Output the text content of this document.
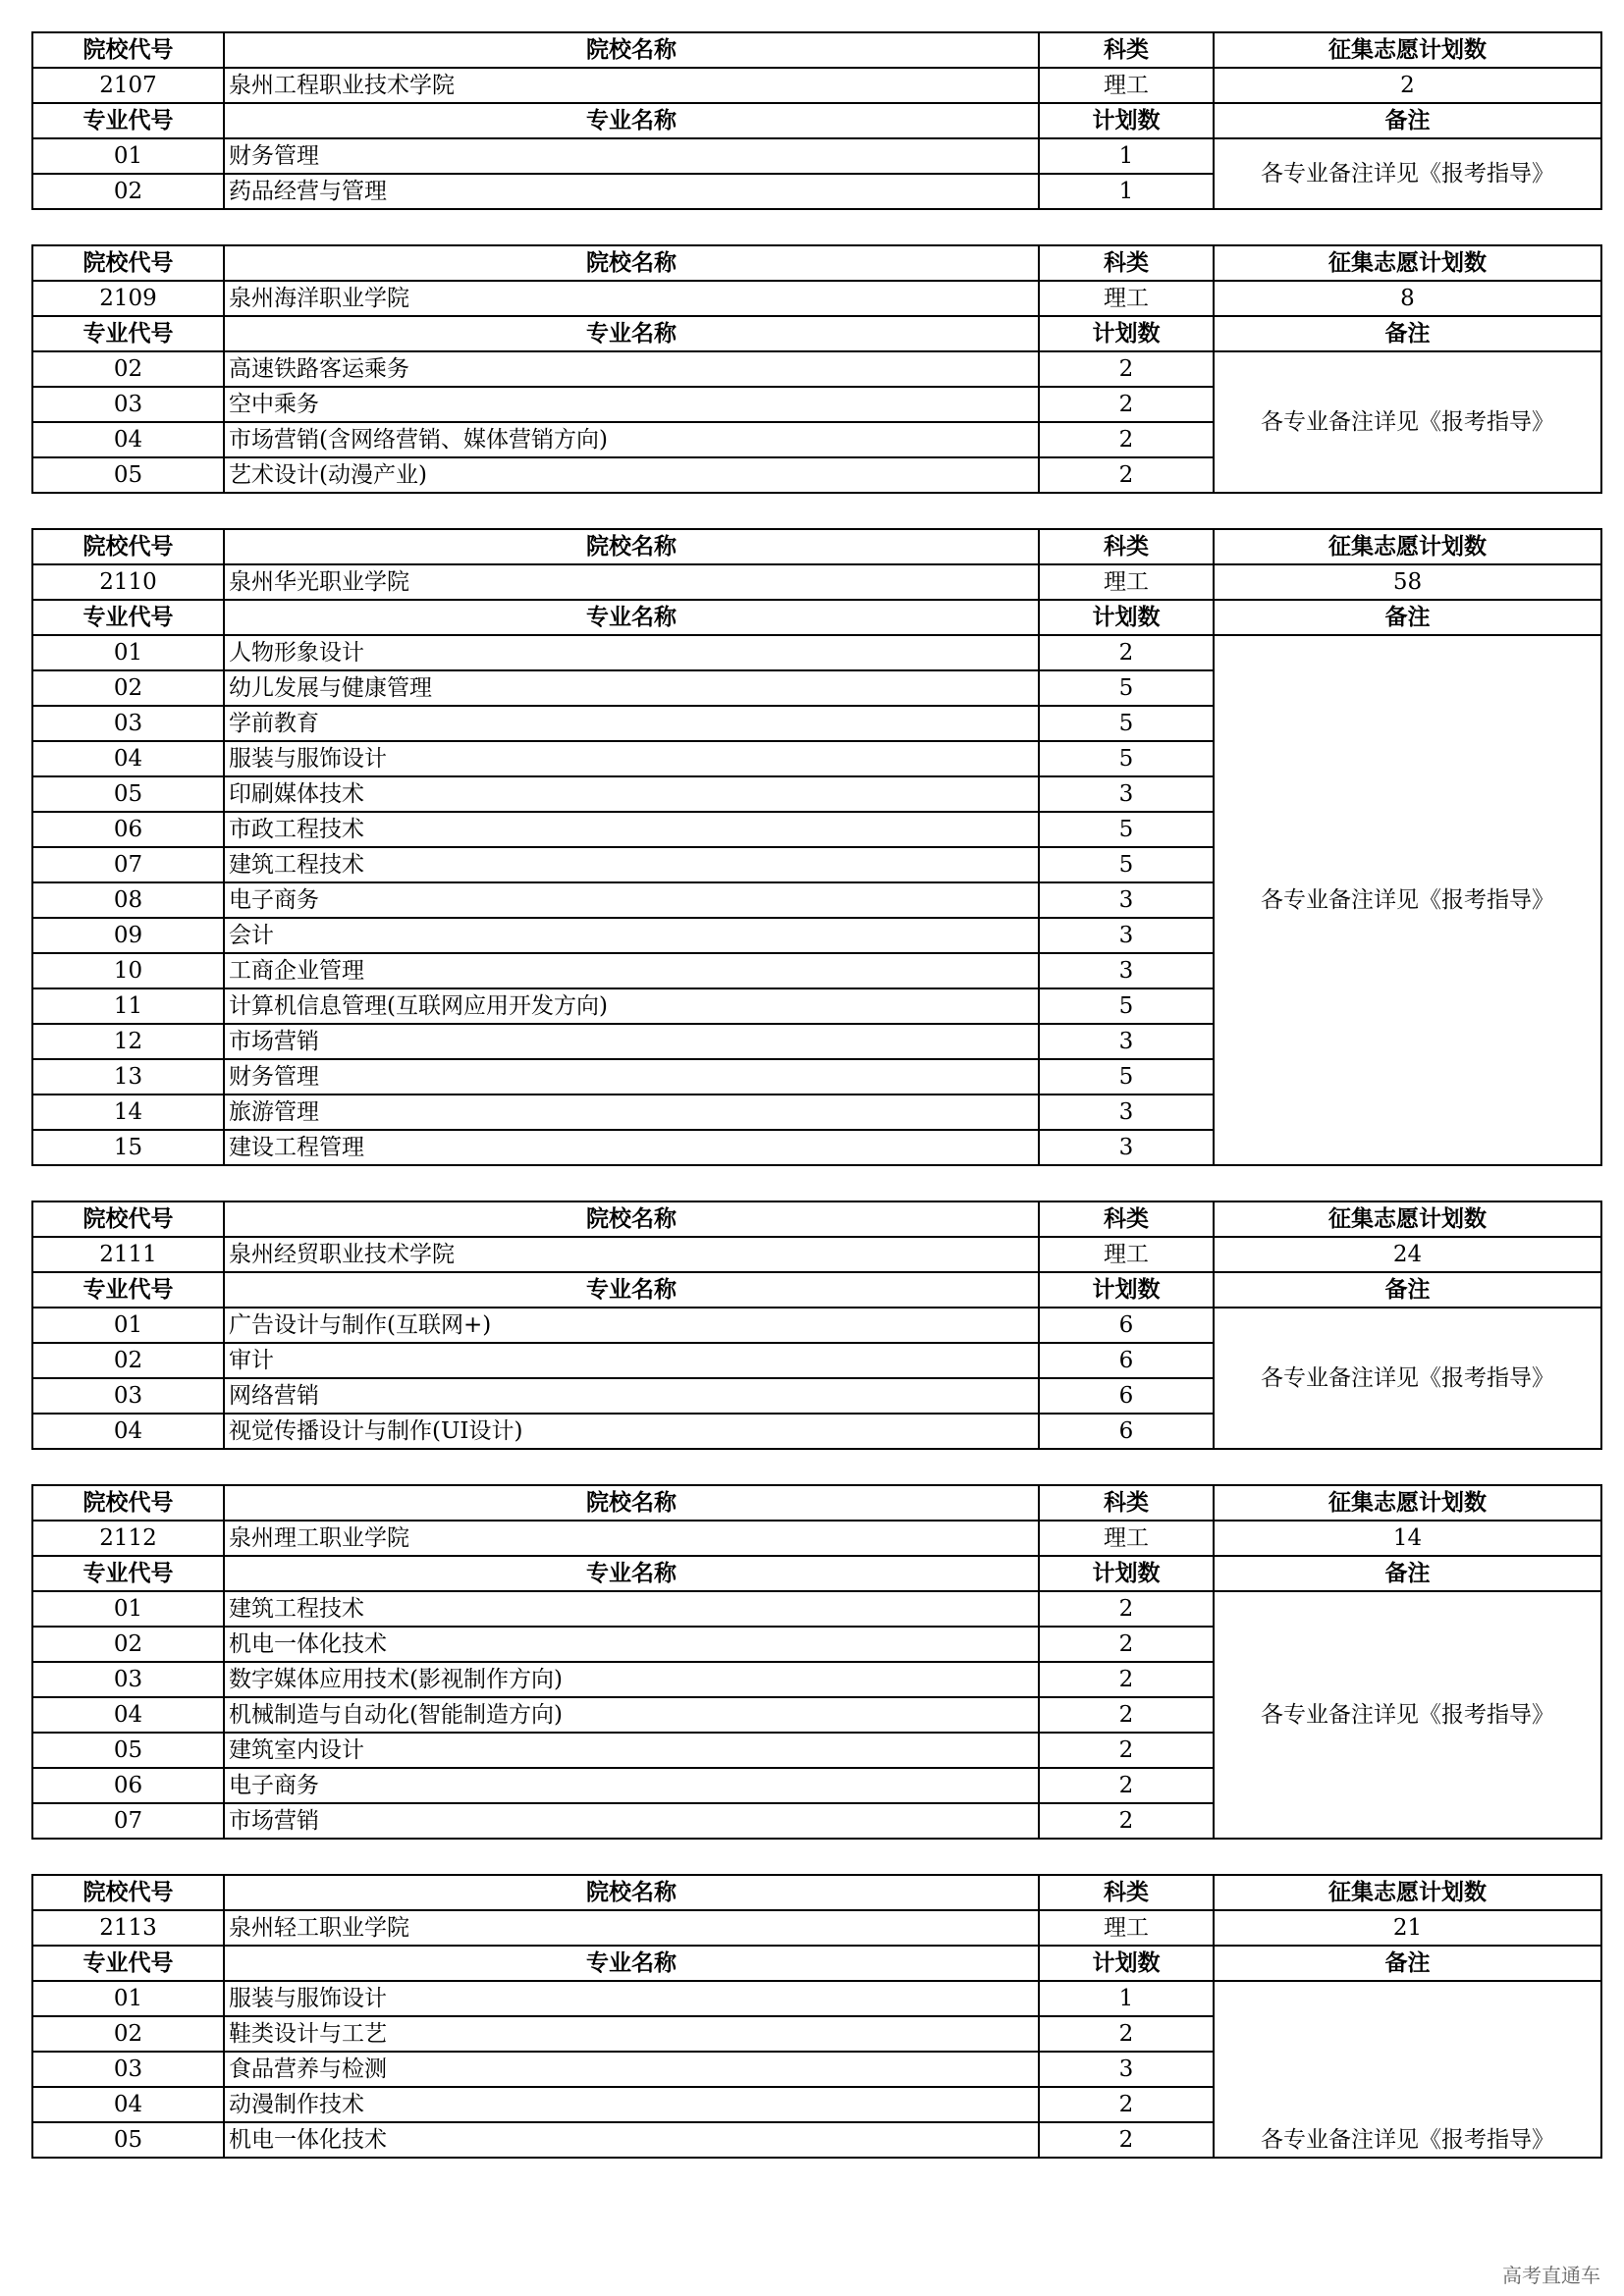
院校代号	院校名称	科类	征集志愿计划数
2107	泉州工程职业技术学院	理工	2
专业代号	专业名称	计划数	备注
01	财务管理	1	各专业备注详见《报考指导》
02	药品经营与管理	1	
院校代号	院校名称	科类	征集志愿计划数
2109	泉州海洋职业学院	理工	8
专业代号	专业名称	计划数	备注
02	高速铁路客运乘务	2	各专业备注详见《报考指导》
03	空中乘务	2	
04	市场营销(含网络营销、媒体营销方向)	2	
05	艺术设计(动漫产业)	2	
院校代号	院校名称	科类	征集志愿计划数
2110	泉州华光职业学院	理工	58
专业代号	专业名称	计划数	备注
01	人物形象设计	2	各专业备注详见《报考指导》
02	幼儿发展与健康管理	5	
03	学前教育	5	
04	服装与服饰设计	5	
05	印刷媒体技术	3	
06	市政工程技术	5	
07	建筑工程技术	5	
08	电子商务	3	
09	会计	3	
10	工商企业管理	3	
11	计算机信息管理(互联网应用开发方向)	5	
12	市场营销	3	
13	财务管理	5	
14	旅游管理	3	
15	建设工程管理	3	
院校代号	院校名称	科类	征集志愿计划数
2111	泉州经贸职业技术学院	理工	24
专业代号	专业名称	计划数	备注
01	广告设计与制作(互联网+)	6	各专业备注详见《报考指导》
02	审计	6	
03	网络营销	6	
04	视觉传播设计与制作(UI设计)	6	
院校代号	院校名称	科类	征集志愿计划数
2112	泉州理工职业学院	理工	14
专业代号	专业名称	计划数	备注
01	建筑工程技术	2	各专业备注详见《报考指导》
02	机电一体化技术	2	
03	数字媒体应用技术(影视制作方向)	2	
04	机械制造与自动化(智能制造方向)	2	
05	建筑室内设计	2	
06	电子商务	2	
07	市场营销	2	
院校代号	院校名称	科类	征集志愿计划数
2113	泉州轻工职业学院	理工	21
专业代号	专业名称	计划数	备注
01	服装与服饰设计	1	各专业备注详见《报考指导》
02	鞋类设计与工艺	2	
03	食品营养与检测	3	
04	动漫制作技术	2	
05	机电一体化技术	2	
高考直通车
